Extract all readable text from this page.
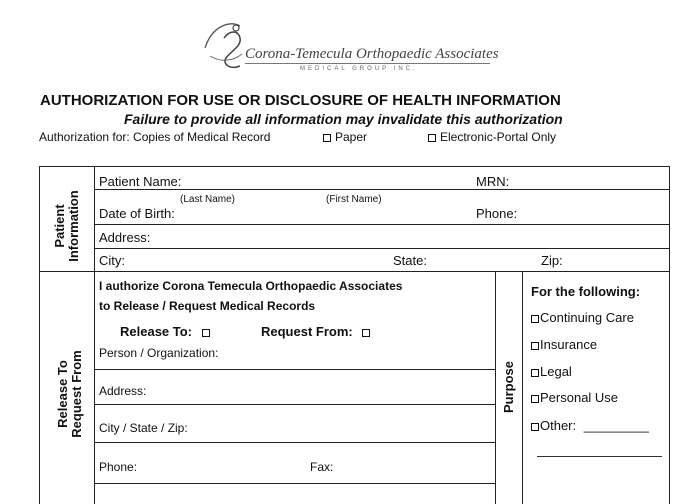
Corona-Temecula Orthopaedic Associates
MEDICAL GROUP INC.
AUTHORIZATION FOR USE OR DISCLOSURE OF HEALTH INFORMATION
Failure to provide all information may invalidate this authorization
Authorization for: Copies of Medical Record	Paper	Electronic-Portal Only
Patient
Information
Patient Name:	MRN:
(Last Name)	(First Name)
Date of Birth:	Phone:
Address:
City:	State:	Zip:
Release To
Request From
I authorize Corona Temecula Orthopaedic Associates
to Release / Request Medical Records
Release To:	Request From:
Person / Organization:
Address:
City / State / Zip:
Phone:	Fax:
Purpose
For the following:
Continuing Care
Insurance
Legal
Personal Use
Other: _________
